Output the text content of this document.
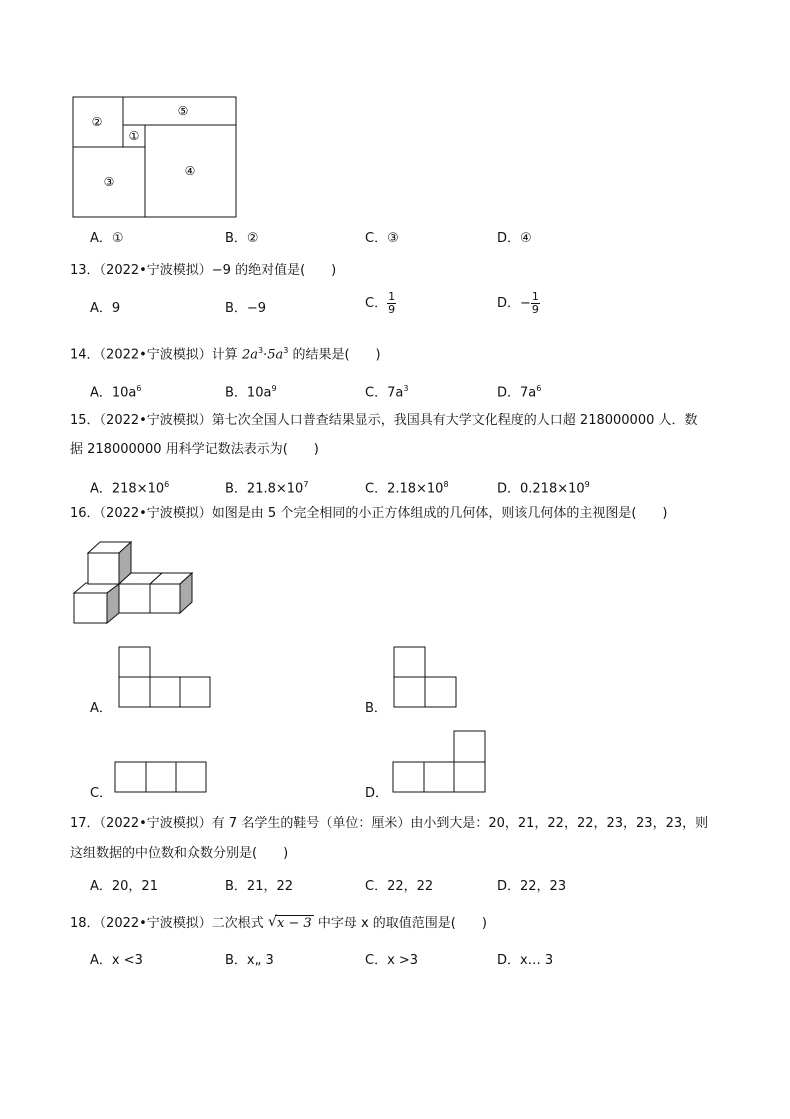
②
⑤
①
③
④
A．①	B．②	C．③	D．④
13．（2022•宁波模拟）−9 的绝对值是(　　)
A．9	B．−9	C． $\frac{1}{9}$	D．− $\frac{1}{9}$
14．（2022•宁波模拟）计算 $2a^3\cdot 5a^3$ 的结果是(　　)
A．$10a^6$	B．$10a^9$	C．$7a^3$	D．$7a^6$
15．（2022•宁波模拟）第七次全国人口普查结果显示，我国具有大学文化程度的人口超 218000000 人．数
据 218000000 用科学记数法表示为(　　)
A．$218\times 10^6$	B．$21.8\times 10^7$	C．$2.18\times 10^8$	D．$0.218\times 10^9$
16．（2022•宁波模拟）如图是由 5 个完全相同的小正方体组成的几何体，则该几何体的主视图是(　　)
A．	B．
C．	D．
17．（2022•宁波模拟）有 7 名学生的鞋号（单位：厘米）由小到大是：20，21，22，22，23，23，23，则
这组数据的中位数和众数分别是(　　)
A．20，21	B．21，22	C．22，22	D．22，23
18．（2022•宁波模拟）二次根式 √ x − 3 中字母 x 的取值范围是(　　)
A．x <3	B．x„ 3	C．x >3	D．x… 3
